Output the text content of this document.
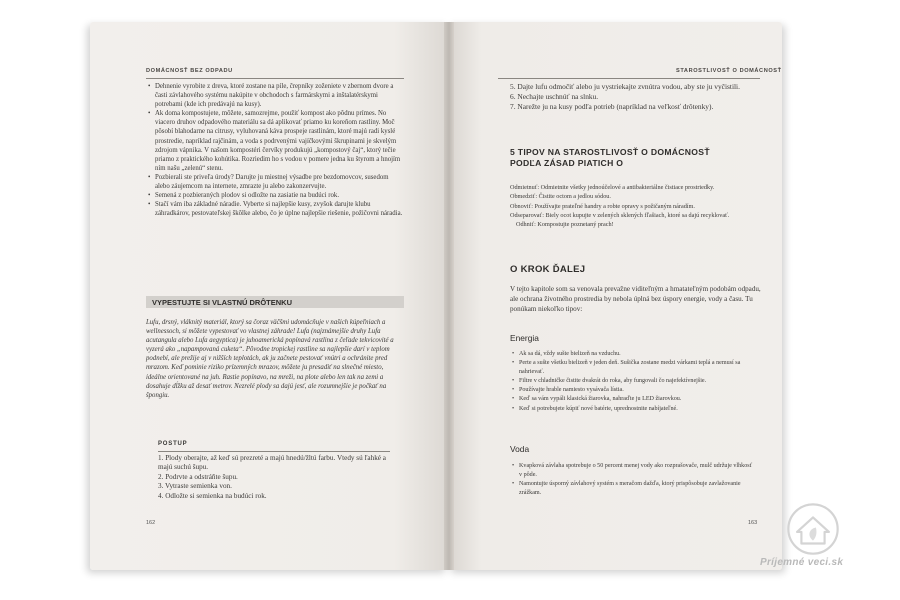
DOMÁCNOSŤ BEZ ODPADU
• Dehnenie vyrobite z dreva, ktoré zostane na píle, črepníky zoženiete v zbernom dvore a časti závlahového systému nakúpite v obchodoch s farmárskymi a inštalatérskymi potrebami (kde ich predávajú na kusy).
• Ak doma kompostujete, môžete, samozrejme, použiť kompost ako pôdnu prímes. No viacero druhov odpadového materiálu sa dá aplikovať priamo ku koreňom rastliny. Moč pôsobí blahodarne na citrusy, vyluhovaná káva prospeje rastlinám, ktoré majú radi kyslé prostredie, napríklad rajčinám, a voda s podrvenými vajíčkovými škrupinami je skvelým zdrojom vápnika. V našom kompostéri červíky produkujú „kompostový čaj“, ktorý tečie priamo z praktického kohútika. Rozriedim ho s vodou v pomere jedna ku štyrom a hnojím ním našu „zelenú“ stenu.
• Pozbierali ste priveľa úrody? Darujte ju miestnej výsadbe pre bezdomovcov, susedom alebo záujemcom na internete, zmrazte ju alebo zakonzervujte.
• Semená z pozbieraných plodov si odložte na zasiatie na budúci rok.
• Stačí vám iba základné náradie. Vyberte si najlepšie kusy, zvyšok darujte klubu záhradkárov, pestovateľskej škôlke alebo, čo je úplne najlepšie riešenie, požičovni náradia.
VYPESTUJTE SI VLASTNÚ DRÔTENKU
Lufu, drsný, vláknitý materiál, ktorý sa čoraz väčšmi udomácňuje v našich kúpeľniach a wellnessoch, si môžete vypestovať vo vlastnej záhrade! Lufa (najznámejšie druhy Lufa acutangula alebo Lufa aegyptica) je juhoamerická popínavá rastlina z čeľade tekvicovité a vyzerá ako „napampovaná cuketa“. Pôvodne tropickej rastline sa najlepšie darí v teplom podnebí, ale prežije aj v nižších teplotách, ak ju začnete pestovať vnútri a ochránite pred mrazom. Keď pominie riziko prízemných mrazov, môžete ju presadiť na slnečné miesto, ideálne orientované na juh. Rastie popínavo, na mreži, na plote alebo len tak na zemi a dosahuje dĺžku až desať metrov. Nezrelé plody sa dajú jesť, ale rozumnejšie je počkať na špongiu.
POSTUP
1. Plody oberajte, až keď sú prezreté a majú hnedú/žltú farbu. Vtedy sú ľahké a majú suchú šupu.
2. Podrvte a odstráňte šupu.
3. Vytraste semienka von.
4. Odložte si semienka na budúci rok.
162
STAROSTLIVOSŤ O DOMÁCNOSŤ
5. Dajte lufu odmočiť alebo ju vystriekajte zvnútra vodou, aby ste ju vyčistili.
6. Nechajte uschnúť na slnku.
7. Narežte ju na kusy podľa potrieb (napríklad na veľkosť drôtenky).
5 TIPOV NA STAROSTLIVOSŤ O DOMÁCNOSŤ
PODĽA ZÁSAD PIATICH O
Odmietnuť: Odmietnite všetky jednoúčelové a antibakteriálne čistiace prostriedky.
Obmedziť: Čistite octom a jedlou sódou.
Obnoviť: Používajte prateľné handry a robte opravy s požičaným náradím.
Odseparovať: Biely ocot kupujte v zelených sklených fľašiach, ktoré sa dajú recyklovať.
Odhniť: Kompostujte poznetaný prach!
O KROK ĎALEJ
V tejto kapitole som sa venovala prevažne viditeľným a hmatateľným podobám odpadu, ale ochrana životného prostredia by nebola úplná bez úspory energie, vody a času. Tu ponúkam niekoľko tipov:
Energia
• Ak sa dá, vždy sušte bielizeň na vzduchu.
• Perte a sušte všetku bielizeň v jeden deň. Sušička zostane medzi várkami teplá a nemusí sa nahrievať.
• Filtre v chladničke čistite dvakrát do roka, aby fungovali čo najefektívnejšie.
• Používajte hrable namiesto vysávača lístia.
• Keď sa vám vypáli klasická žiarovka, nahraďte ju LED žiarovkou.
• Keď si potrebujete kúpiť nové batérie, uprednostnite nabíjateľné.
Voda
• Kvapková závlaha spotrebuje o 50 percent menej vody ako rozprašovače, mulč udržuje vlhkosť v pôde.
• Namontujte úsporný závlahový systém s meračom dažďa, ktorý prispôsobuje zavlažovanie zrážkam.
163
Príjemné veci.sk
